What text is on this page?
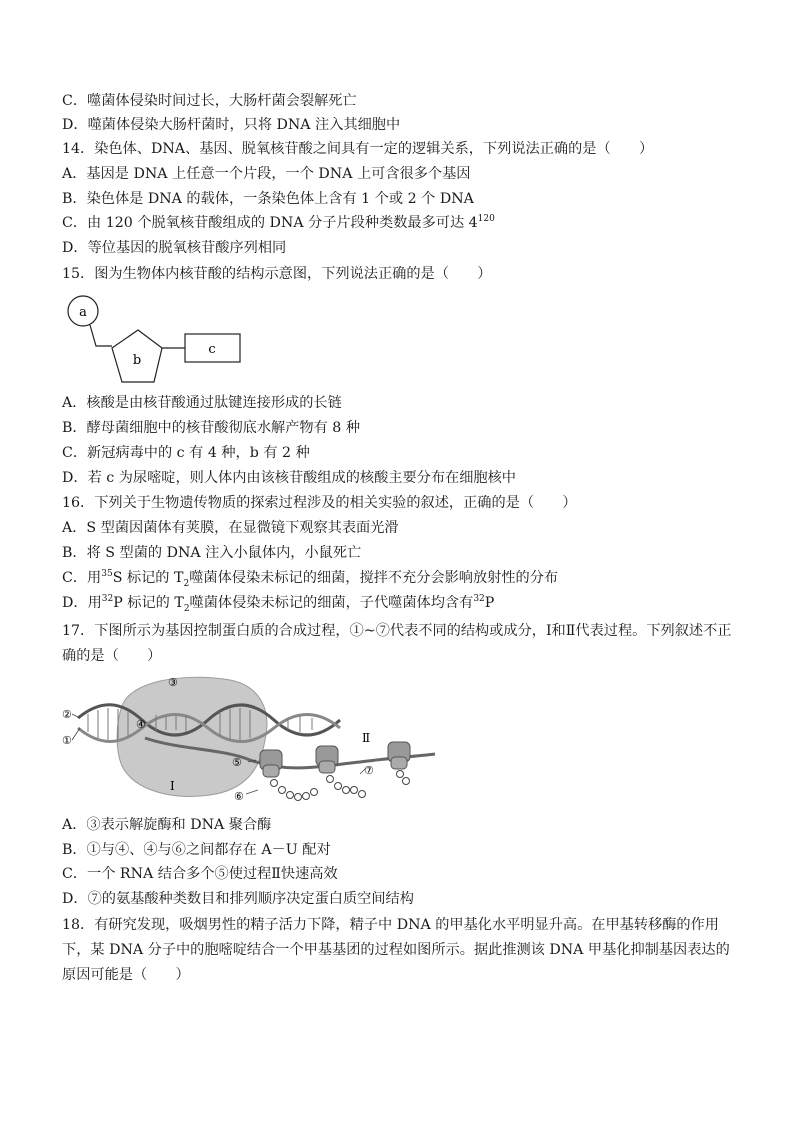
C．噬菌体侵染时间过长，大肠杆菌会裂解死亡
D．噬菌体侵染大肠杆菌时，只将 DNA 注入其细胞中
14．染色体、DNA、基因、脱氧核苷酸之间具有一定的逻辑关系，下列说法正确的是（　　）
A．基因是 DNA 上任意一个片段，一个 DNA 上可含很多个基因
B．染色体是 DNA 的载体，一条染色体上含有 1 个或 2 个 DNA
C．由 120 个脱氧核苷酸组成的 DNA 分子片段种类数最多可达 $4^{120}$
D．等位基因的脱氧核苷酸序列相同
15．图为生物体内核苷酸的结构示意图，下列说法正确的是（　　）
a
b
c
A．核酸是由核苷酸通过肽键连接形成的长链
B．酵母菌细胞中的核苷酸彻底水解产物有 8 种
C．新冠病毒中的 c 有 4 种，b 有 2 种
D．若 c 为尿嘧啶，则人体内由该核苷酸组成的核酸主要分布在细胞核中
16．下列关于生物遗传物质的探索过程涉及的相关实验的叙述，正确的是（　　）
A．S 型菌因菌体有荚膜，在显微镜下观察其表面光滑
B．将 S 型菌的 DNA 注入小鼠体内，小鼠死亡
C．用$^{35}$S 标记的 $T_2$噬菌体侵染未标记的细菌，搅拌不充分会影响放射性的分布
D．用$^{32}$P 标记的 $T_2$噬菌体侵染未标记的细菌，子代噬菌体均含有$^{32}$P
17．下图所示为基因控制蛋白质的合成过程，①~⑦代表不同的结构或成分，Ⅰ和Ⅱ代表过程。下列叙述不正确的是（　　）
②
①
③
④
⑤
⑥
⑦
Ⅰ
Ⅱ
A．③表示解旋酶和 DNA 聚合酶
B．①与④、④与⑥之间都存在 A－U 配对
C．一个 RNA 结合多个⑤使过程Ⅱ快速高效
D．⑦的氨基酸种类数目和排列顺序决定蛋白质空间结构
18．有研究发现，吸烟男性的精子活力下降，精子中 DNA 的甲基化水平明显升高。在甲基转移酶的作用下，某 DNA 分子中的胞嘧啶结合一个甲基基团的过程如图所示。据此推测该 DNA 甲基化抑制基因表达的原因可能是（　　）
